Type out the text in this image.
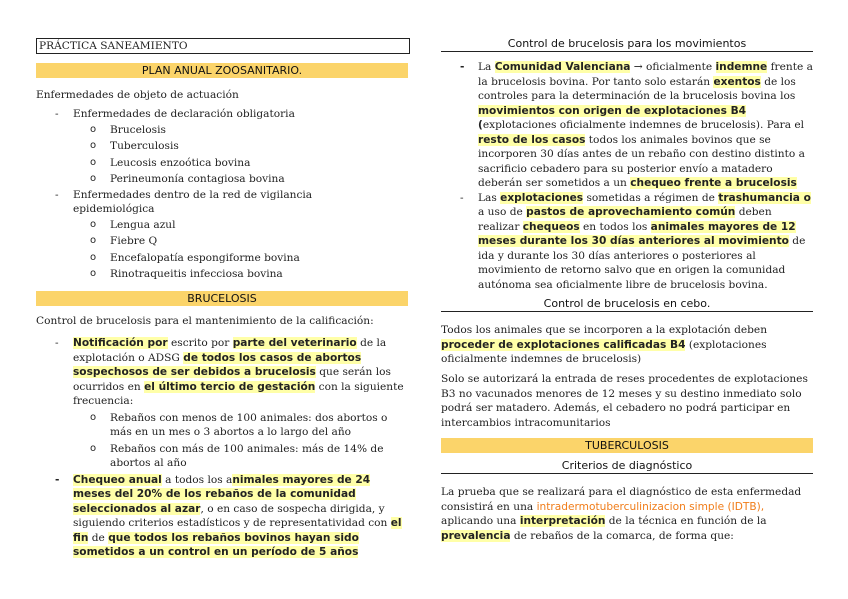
PRÁCTICA SANEAMIENTO
PLAN ANUAL ZOOSANITARIO.
Enfermedades de objeto de actuación
- Enfermedades de declaración obligatoria
o Brucelosis
o Tuberculosis
o Leucosis enzoótica bovina
o Perineumonía contagiosa bovina
- Enfermedades dentro de la red de vigilancia epidemiológica
o Lengua azul
o Fiebre Q
o Encefalopatía espongiforme bovina
o Rinotraqueitis infecciosa bovina
BRUCELOSIS
Control de brucelosis para el mantenimiento de la calificación:
- Notificación por escrito por parte del veterinario de la explotación o ADSG de todos los casos de abortos sospechosos de ser debidos a brucelosis que serán los ocurridos en el último tercio de gestación con la siguiente frecuencia:
o Rebaños con menos de 100 animales: dos abortos o más en un mes o 3 abortos a lo largo del año
o Rebaños con más de 100 animales: más de 14% de abortos al año
- Chequeo anual a todos los animales mayores de 24 meses del 20% de los rebaños de la comunidad seleccionados al azar, o en caso de sospecha dirigida, y siguiendo criterios estadísticos y de representatividad con el fin de que todos los rebaños bovinos hayan sido sometidos a un control en un período de 5 años
Control de brucelosis para los movimientos
- La Comunidad Valenciana → oficialmente indemne frente a la brucelosis bovina. Por tanto solo estarán exentos de los controles para la determinación de la brucelosis bovina los movimientos con origen de explotaciones B4 (explotaciones oficialmente indemnes de brucelosis). Para el resto de los casos todos los animales bovinos que se incorporen 30 días antes de un rebaño con destino distinto a sacrificio cebadero para su posterior envío a matadero deberán ser sometidos a un chequeo frente a brucelosis
- Las explotaciones sometidas a régimen de trashumancia o a uso de pastos de aprovechamiento común deben realizar chequeos en todos los animales mayores de 12 meses durante los 30 días anteriores al movimiento de ida y durante los 30 días anteriores o posteriores al movimiento de retorno salvo que en origen la comunidad autónoma sea oficialmente libre de brucelosis bovina.
Control de brucelosis en cebo.
Todos los animales que se incorporen a la explotación deben proceder de explotaciones calificadas B4 (explotaciones oficialmente indemnes de brucelosis)
Solo se autorizará la entrada de reses procedentes de explotaciones B3 no vacunados menores de 12 meses y su destino inmediato solo podrá ser matadero. Además, el cebadero no podrá participar en intercambios intracomunitarios
TUBERCULOSIS
Criterios de diagnóstico
La prueba que se realizará para el diagnóstico de esta enfermedad consistirá en una intradermotuberculinizacion simple (IDTB), aplicando una interpretación de la técnica en función de la prevalencia de rebaños de la comarca, de forma que:
